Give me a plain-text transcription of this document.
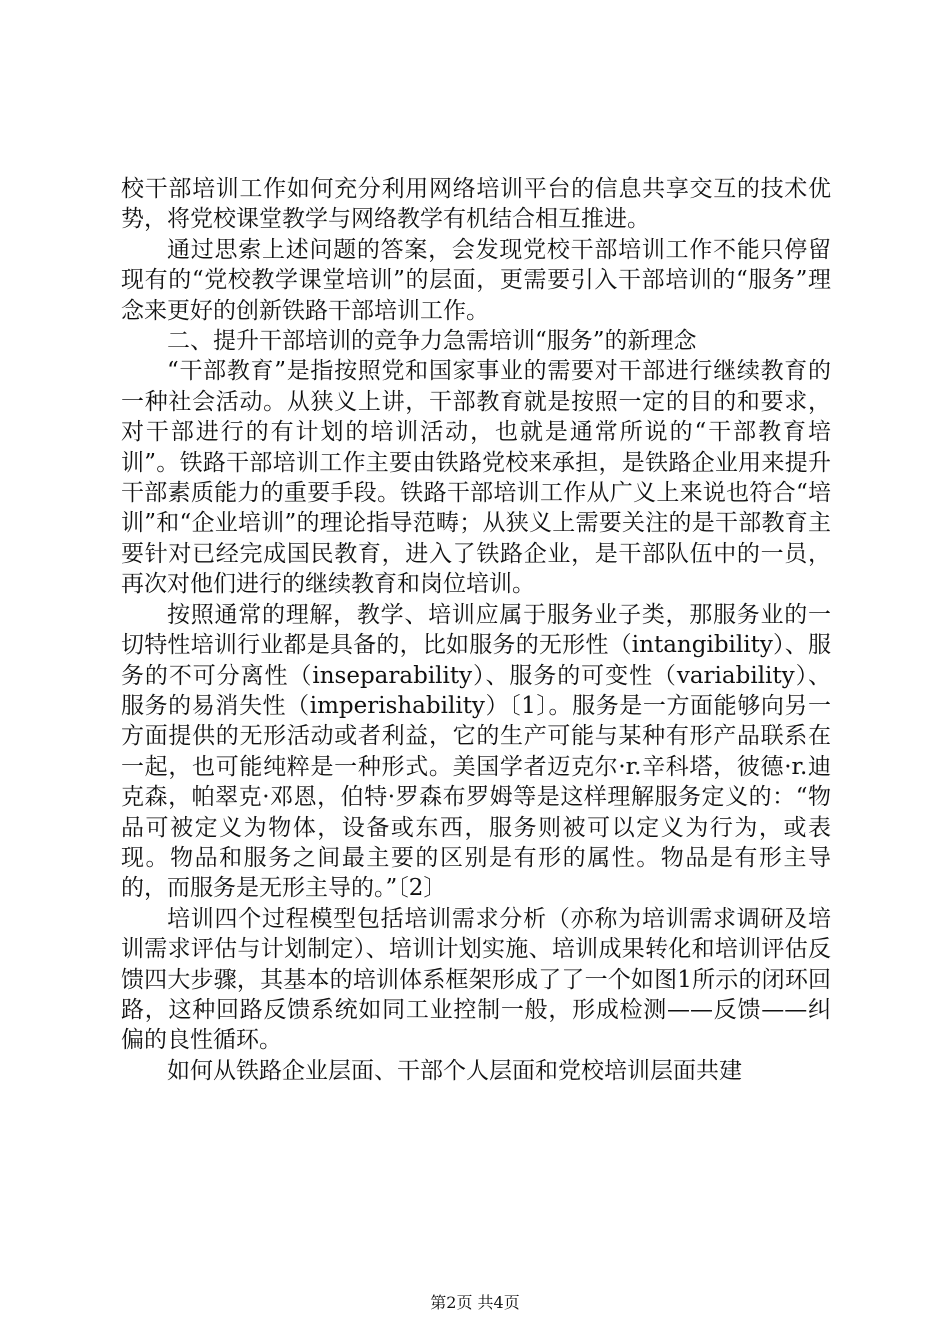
校干部培训工作如何充分利用网络培训平台的信息共享交互的技术优势，将党校课堂教学与网络教学有机结合相互推进。

通过思索上述问题的答案，会发现党校干部培训工作不能只停留现有的“党校教学课堂培训”的层面，更需要引入干部培训的“服务”理念来更好的创新铁路干部培训工作。

二、提升干部培训的竞争力急需培训“服务”的新理念

“干部教育”是指按照党和国家事业的需要对干部进行继续教育的一种社会活动。从狭义上讲，干部教育就是按照一定的目的和要求，对干部进行的有计划的培训活动，也就是通常所说的“干部教育培训”。铁路干部培训工作主要由铁路党校来承担，是铁路企业用来提升干部素质能力的重要手段。铁路干部培训工作从广义上来说也符合“培训”和“企业培训”的理论指导范畴；从狭义上需要关注的是干部教育主要针对已经完成国民教育，进入了铁路企业，是干部队伍中的一员，再次对他们进行的继续教育和岗位培训。

按照通常的理解，教学、培训应属于服务业子类，那服务业的一切特性培训行业都是具备的，比如服务的无形性（intangibility）、服务的不可分离性（inseparability）、服务的可变性（variability）、服务的易消失性（imperishability）〔1〕。服务是一方面能够向另一方面提供的无形活动或者利益，它的生产可能与某种有形产品联系在一起，也可能纯粹是一种形式。美国学者迈克尔·r.辛科塔，彼德·r.迪克森，帕翠克·邓恩，伯特·罗森布罗姆等是这样理解服务定义的：“物品可被定义为物体，设备或东西，服务则被可以定义为行为，或表现。物品和服务之间最主要的区别是有形的属性。物品是有形主导的，而服务是无形主导的。”〔2〕

培训四个过程模型包括培训需求分析（亦称为培训需求调研及培训需求评估与计划制定）、培训计划实施、培训成果转化和培训评估反馈四大步骤，其基本的培训体系框架形成了了一个如图1所示的闭环回路，这种回路反馈系统如同工业控制一般，形成检测——反馈——纠偏的良性循环。

如何从铁路企业层面、干部个人层面和党校培训层面共建

第2页 共4页
